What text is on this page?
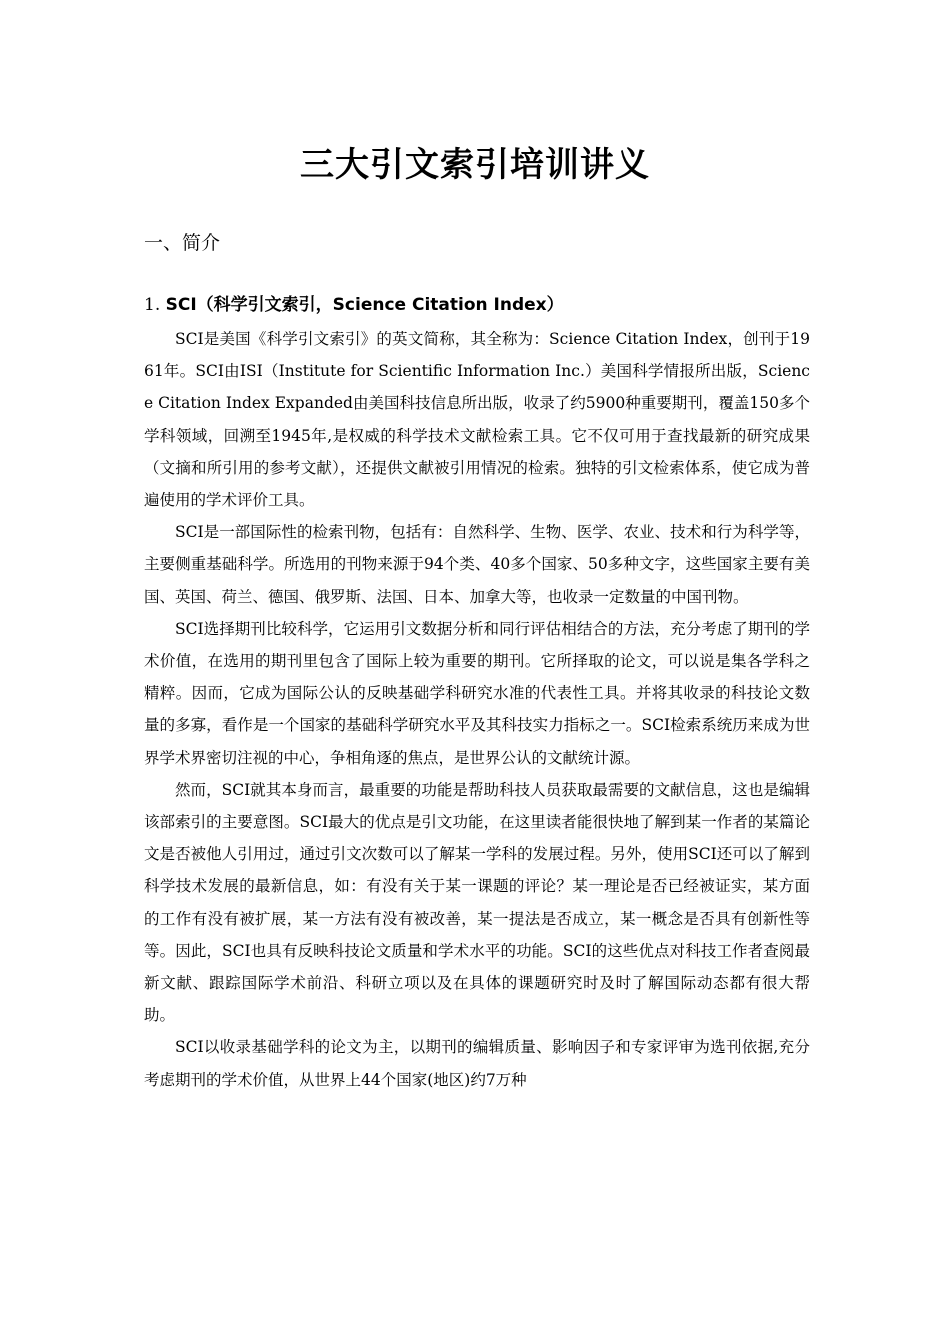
三大引文索引培训讲义
一、简介
1. SCI（科学引文索引，Science Citation Index）

SCI是美国《科学引文索引》的英文简称，其全称为：Science Citation Index，创刊于1961年。SCI由ISI（Institute for Scientific Information Inc.）美国科学情报所出版，Science Citation Index Expanded由美国科技信息所出版，收录了约5900种重要期刊，覆盖150多个学科领域，回溯至1945年,是权威的科学技术文献检索工具。它不仅可用于查找最新的研究成果（文摘和所引用的参考文献），还提供文献被引用情况的检索。独特的引文检索体系，使它成为普遍使用的学术评价工具。

SCI是一部国际性的检索刊物，包括有：自然科学、生物、医学、农业、技术和行为科学等，主要侧重基础科学。所选用的刊物来源于94个类、40多个国家、50多种文字，这些国家主要有美国、英国、荷兰、德国、俄罗斯、法国、日本、加拿大等，也收录一定数量的中国刊物。

SCI选择期刊比较科学，它运用引文数据分析和同行评估相结合的方法，充分考虑了期刊的学术价值，在选用的期刊里包含了国际上较为重要的期刊。它所择取的论文，可以说是集各学科之精粹。因而，它成为国际公认的反映基础学科研究水准的代表性工具。并将其收录的科技论文数量的多寡，看作是一个国家的基础科学研究水平及其科技实力指标之一。SCI检索系统历来成为世界学术界密切注视的中心，争相角逐的焦点，是世界公认的文献统计源。

然而，SCI就其本身而言，最重要的功能是帮助科技人员获取最需要的文献信息，这也是编辑该部索引的主要意图。SCI最大的优点是引文功能，在这里读者能很快地了解到某一作者的某篇论文是否被他人引用过，通过引文次数可以了解某一学科的发展过程。另外，使用SCI还可以了解到科学技术发展的最新信息，如：有没有关于某一课题的评论？某一理论是否已经被证实，某方面的工作有没有被扩展，某一方法有没有被改善，某一提法是否成立，某一概念是否具有创新性等等。因此，SCI也具有反映科技论文质量和学术水平的功能。SCI的这些优点对科技工作者查阅最新文献、跟踪国际学术前沿、科研立项以及在具体的课题研究时及时了解国际动态都有很大帮助。

SCI以收录基础学科的论文为主，以期刊的编辑质量、影响因子和专家评审为选刊依据,充分考虑期刊的学术价值，从世界上44个国家(地区)约7万种
